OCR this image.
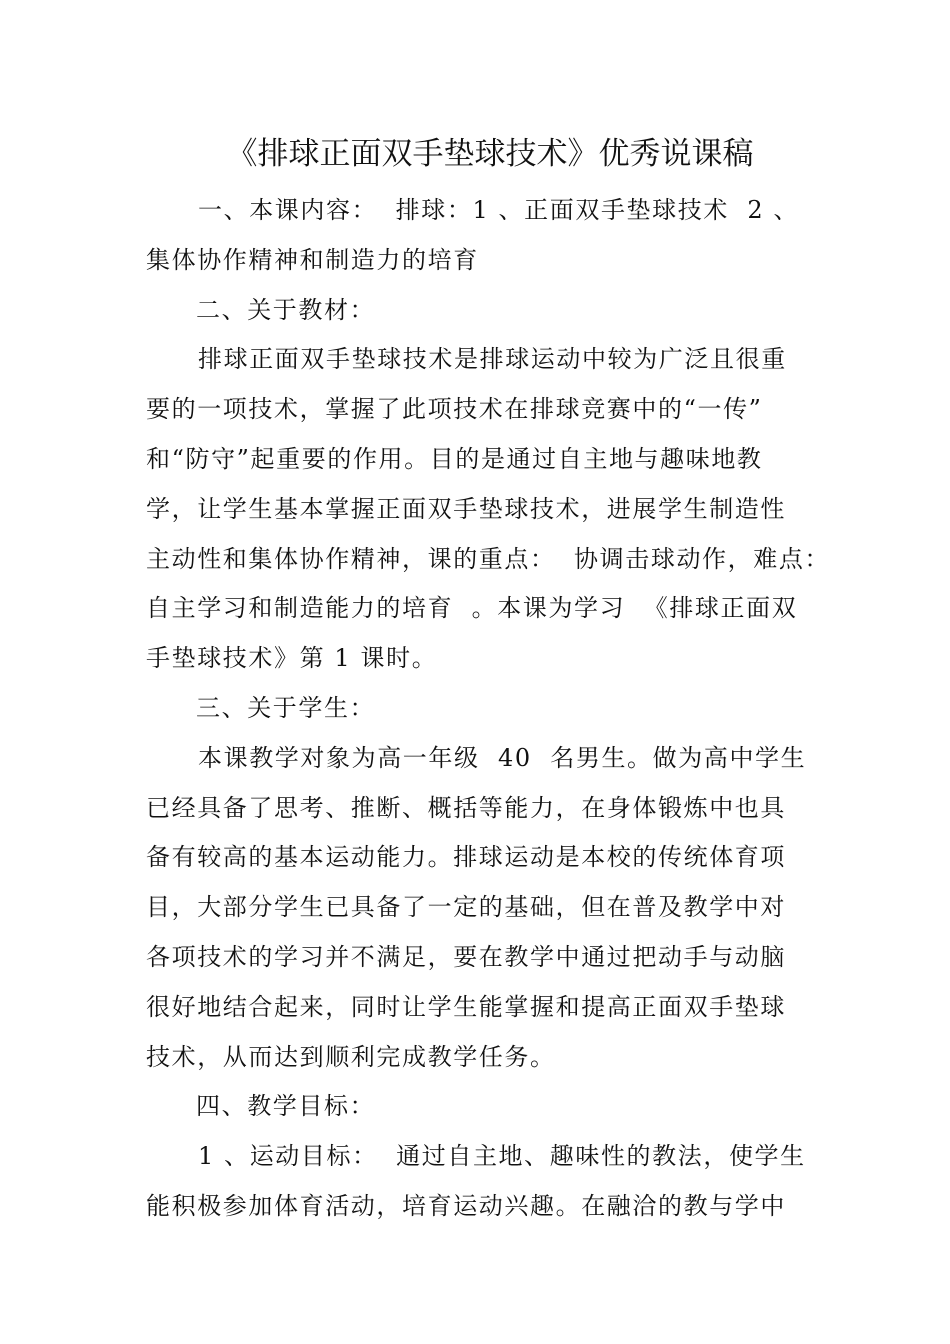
《排球正面双手垫球技术》优秀说课稿
一、本课内容：  排球：1 、正面双手垫球技术  2 、
集体协作精神和制造力的培育
二、关于教材：
排球正面双手垫球技术是排球运动中较为广泛且很重
要的一项技术，掌握了此项技术在排球竞赛中的“一传”
和“防守”起重要的作用。目的是通过自主地与趣味地教
学，让学生基本掌握正面双手垫球技术，进展学生制造性
主动性和集体协作精神，课的重点：  协调击球动作，难点：
自主学习和制造能力的培育  。本课为学习  《排球正面双
手垫球技术》第 1 课时。
三、关于学生：
本课教学对象为高一年级  40  名男生。做为高中学生
已经具备了思考、推断、概括等能力，在身体锻炼中也具
备有较高的基本运动能力。排球运动是本校的传统体育项
目，大部分学生已具备了一定的基础，但在普及教学中对
各项技术的学习并不满足，要在教学中通过把动手与动脑
很好地结合起来，同时让学生能掌握和提高正面双手垫球
技术，从而达到顺利完成教学任务。
四、教学目标：
1 、运动目标：  通过自主地、趣味性的教法，使学生
能积极参加体育活动，培育运动兴趣。在融洽的教与学中
